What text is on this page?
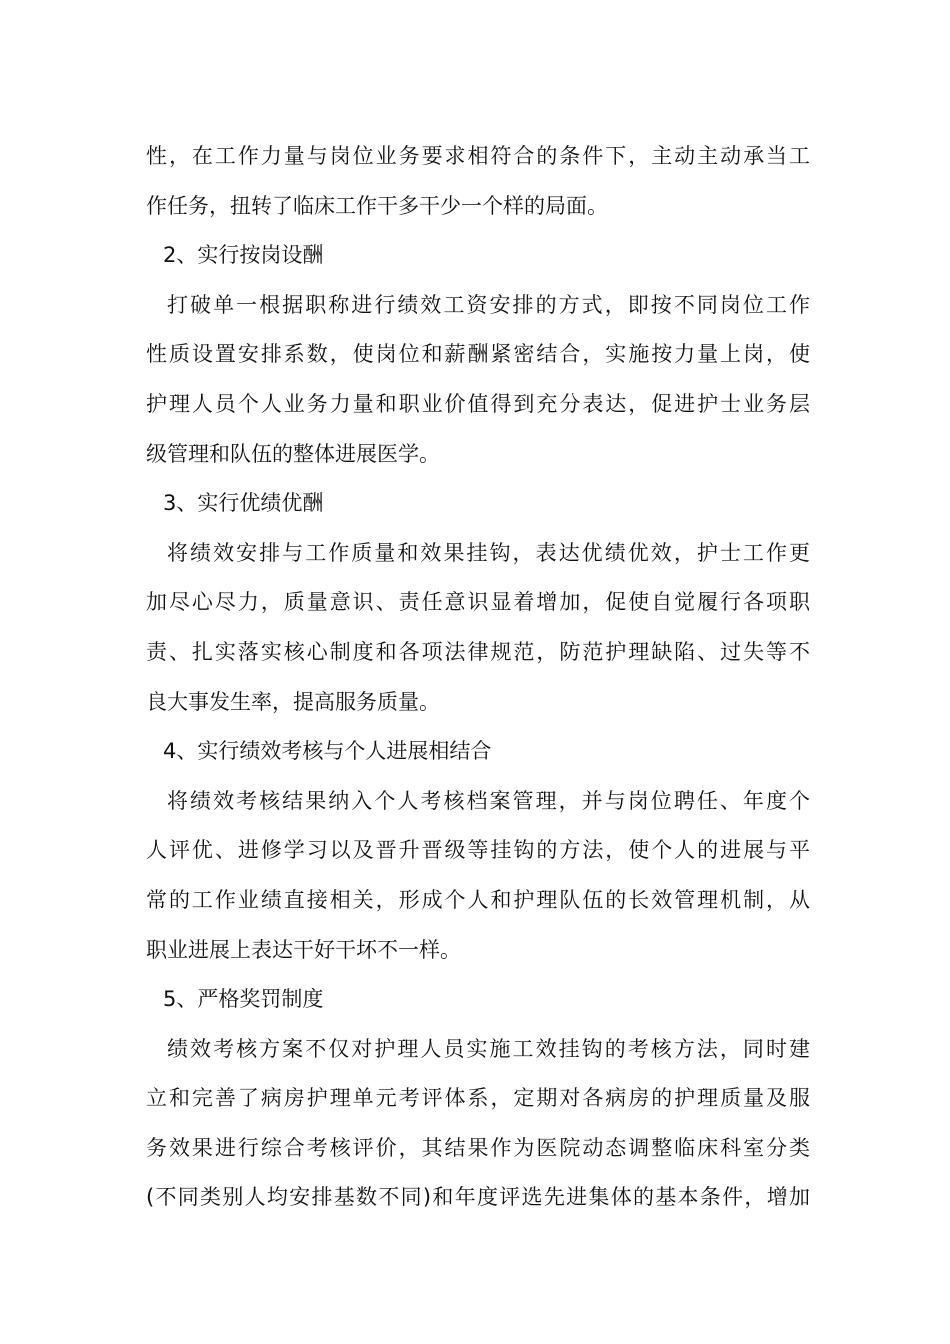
性，在工作力量与岗位业务要求相符合的条件下，主动主动承当工
作任务，扭转了临床工作干多干少一个样的局面。
2、实行按岗设酬
打破单一根据职称进行绩效工资安排的方式，即按不同岗位工作
性质设置安排系数，使岗位和薪酬紧密结合，实施按力量上岗，使
护理人员个人业务力量和职业价值得到充分表达，促进护士业务层
级管理和队伍的整体进展医学。
3、实行优绩优酬
将绩效安排与工作质量和效果挂钩，表达优绩优效，护士工作更
加尽心尽力，质量意识、责任意识显着增加，促使自觉履行各项职
责、扎实落实核心制度和各项法律规范，防范护理缺陷、过失等不
良大事发生率，提高服务质量。
4、实行绩效考核与个人进展相结合
将绩效考核结果纳入个人考核档案管理，并与岗位聘任、年度个
人评优、进修学习以及晋升晋级等挂钩的方法，使个人的进展与平
常的工作业绩直接相关，形成个人和护理队伍的长效管理机制，从
职业进展上表达干好干坏不一样。
5、严格奖罚制度
绩效考核方案不仅对护理人员实施工效挂钩的考核方法，同时建
立和完善了病房护理单元考评体系，定期对各病房的护理质量及服
务效果进行综合考核评价，其结果作为医院动态调整临床科室分类
(不同类别人均安排基数不同)和年度评选先进集体的基本条件，增加
